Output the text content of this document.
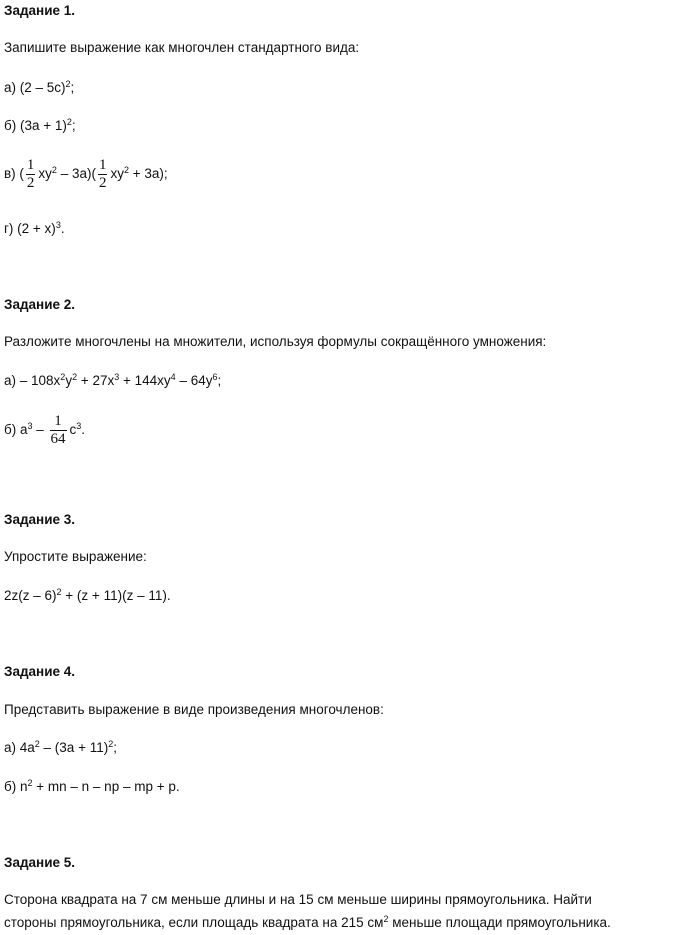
Задание 1.
Запишите выражение как многочлен стандартного вида:
а) (2 – 5c)$^2$;
б) $(3a + 1)^2$;
в) ( $\frac{1}{2} xy^2 - 3a)( \frac{1}{2} xy^2 + 3a)$;
г) $(2 + x)^3$.
Задание 2.
Разложите многочлены на множители, используя формулы сокращённого умножения:
$а) - 108x^2y^2 + 27x^3 + 144xy^4 - 64y^6$;
б) $a^3 - \frac{1}{64} c^3$.
Задание 3.
Упростите выражение:
2z(z – 6)$^2$ + (z + 11)(z – 11).
Задание 4.
Представить выражение в виде произведения многочленов:
а) $4a^2 - (3a + 11)^2$;
б) $n^2$ + mn – n – np – mp + p.
Задание 5.
Сторона квадрата на 7 см меньше длины и на 15 см меньше ширины прямоугольника. Найти
стороны прямоугольника, если площадь квадрата на 215 $см^2$ меньше площади прямоугольника.
